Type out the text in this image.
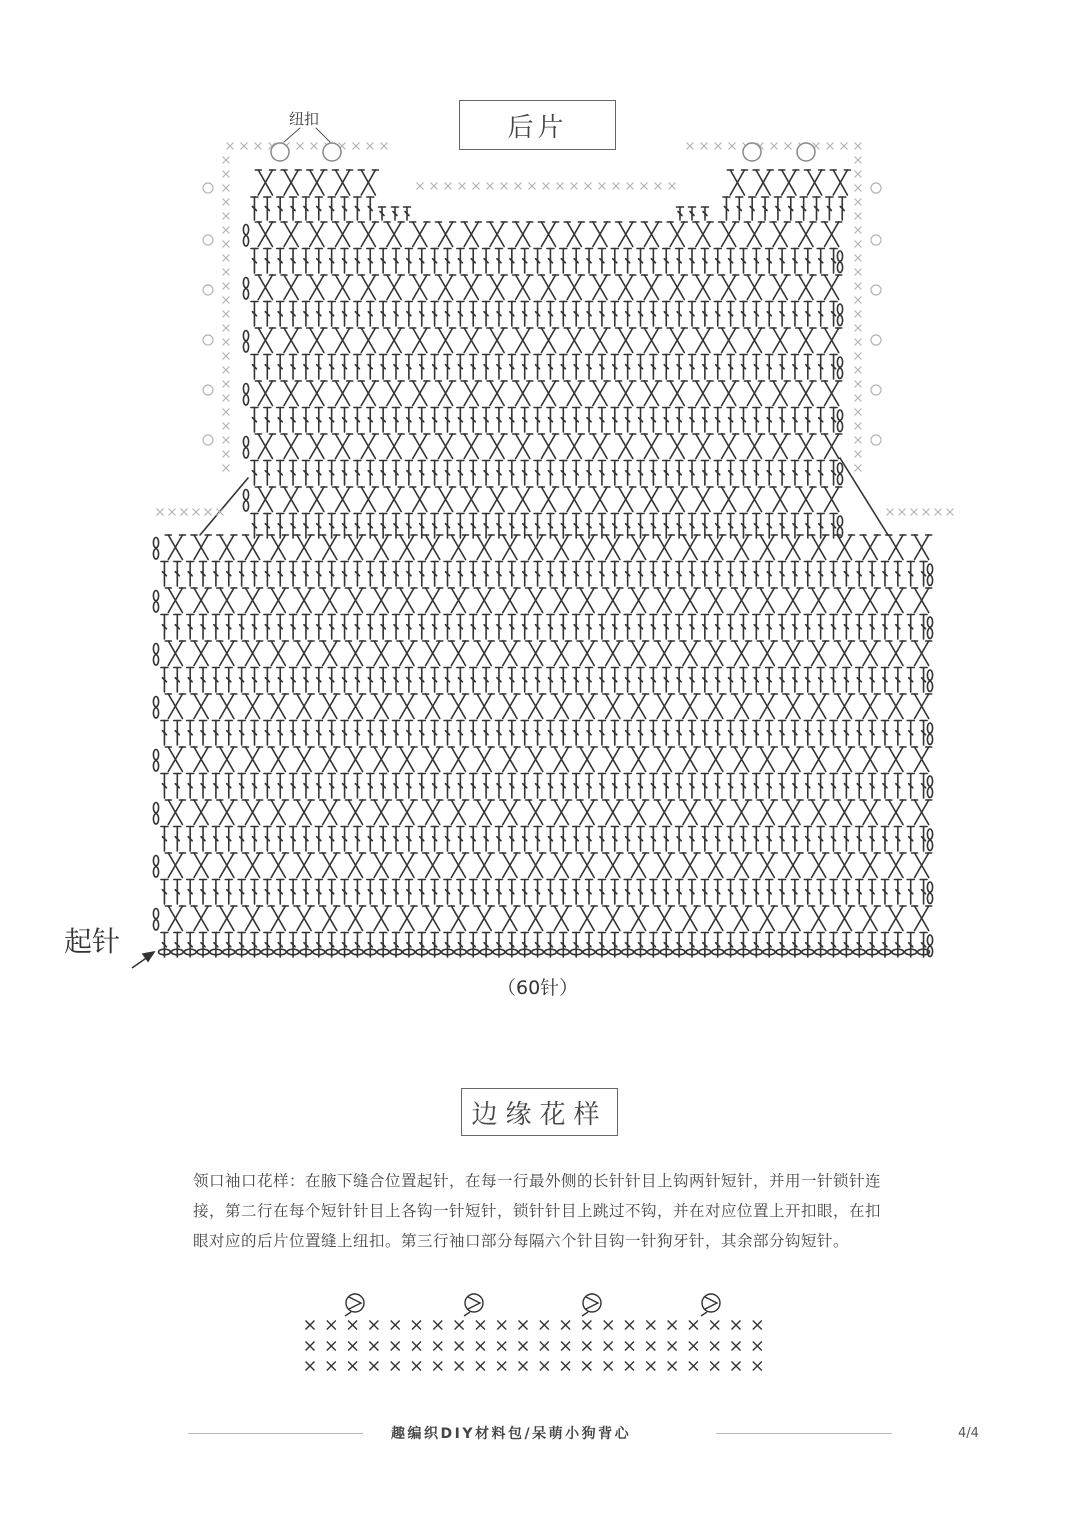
后片
纽扣
起针
（60针）
边缘花样
领口袖口花样：在腋下缝合位置起针，在每一行最外侧的长针针目上钩两针短针，并用一针锁针连接，第二行在每个短针针目上各钩一针短针，锁针针目上跳过不钩，并在对应位置上开扣眼，在扣眼对应的后片位置缝上纽扣。第三行袖口部分每隔六个针目钩一针狗牙针，其余部分钩短针。
趣编织DIY材料包/呆萌小狗背心	4/4
